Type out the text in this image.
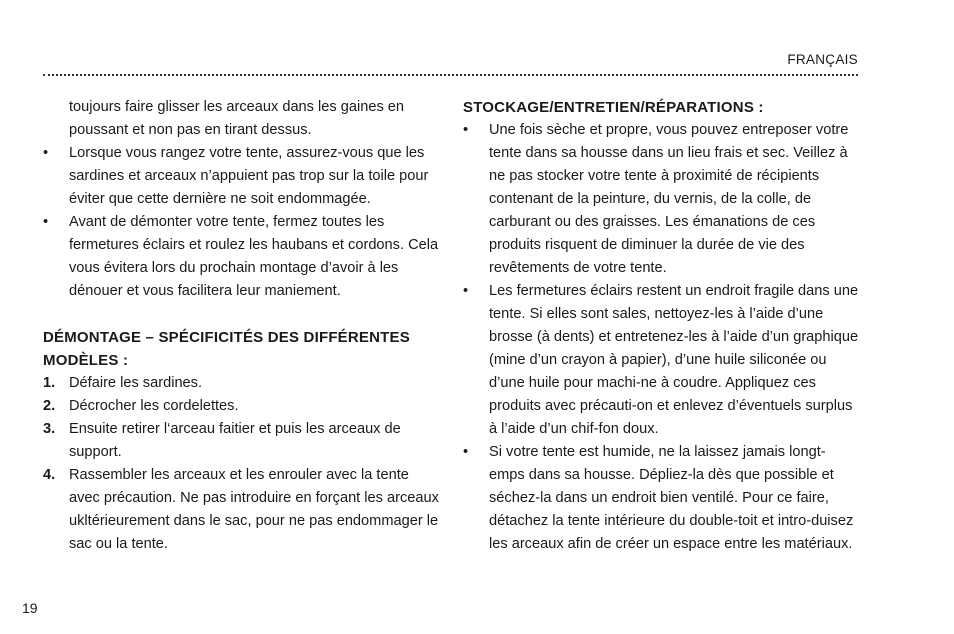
FRANÇAIS
toujours faire glisser les arceaux dans les gaines en poussant et non pas en tirant dessus.
•	Lorsque vous rangez votre tente, assurez-vous que les sardines et arceaux n’appuient pas trop sur la toile pour éviter que cette dernière ne soit endommagée.
•	Avant de démonter votre tente, fermez toutes les fermetures éclairs et roulez les haubans et cordons. Cela vous évitera lors du prochain montage d’avoir à les dénouer et vous facilitera leur maniement.
DÉMONTAGE – SPÉCIFICITÉS DES DIFFÉRENTES MODÈLES :
1. Défaire les sardines.
2. Décrocher les cordelettes.
3. Ensuite retirer l‘arceau faitier et puis les arceaux de support.
4. Rassembler les arceaux et les enrouler avec la tente avec précaution. Ne pas introduire en forçant les arceaux ukltérieurement dans le sac, pour ne pas endommager le sac ou la tente.
STOCKAGE/ENTRETIEN/RÉPARATIONS :
•	Une fois sèche et propre, vous pouvez entreposer votre tente dans sa housse dans un lieu frais et sec. Veillez à ne pas stocker votre tente à proximité de récipients contenant de la peinture, du vernis, de la colle, de carburant ou des graisses. Les émanations de ces produits risquent de diminuer la durée de vie des revêtements de votre tente.
•	Les fermetures éclairs restent un endroit fragile dans une tente. Si elles sont sales, nettoyez-les à l’aide d’une brosse (à dents) et entretenez-les à l’aide d’un graphique (mine d’un crayon à papier), d’une huile siliconée ou d’une huile pour machi-ne à coudre. Appliquez ces produits avec précauti-on et enlevez d’éventuels surplus à l’aide d’un chif-fon doux.
•	Si votre tente est humide, ne la laissez jamais longt-emps dans sa housse. Dépliez-la dès que possible et séchez-la dans un endroit bien ventilé. Pour ce faire, détachez la tente intérieure du double-toit et intro-duisez les arceaux afin de créer un espace entre les matériaux.
19
